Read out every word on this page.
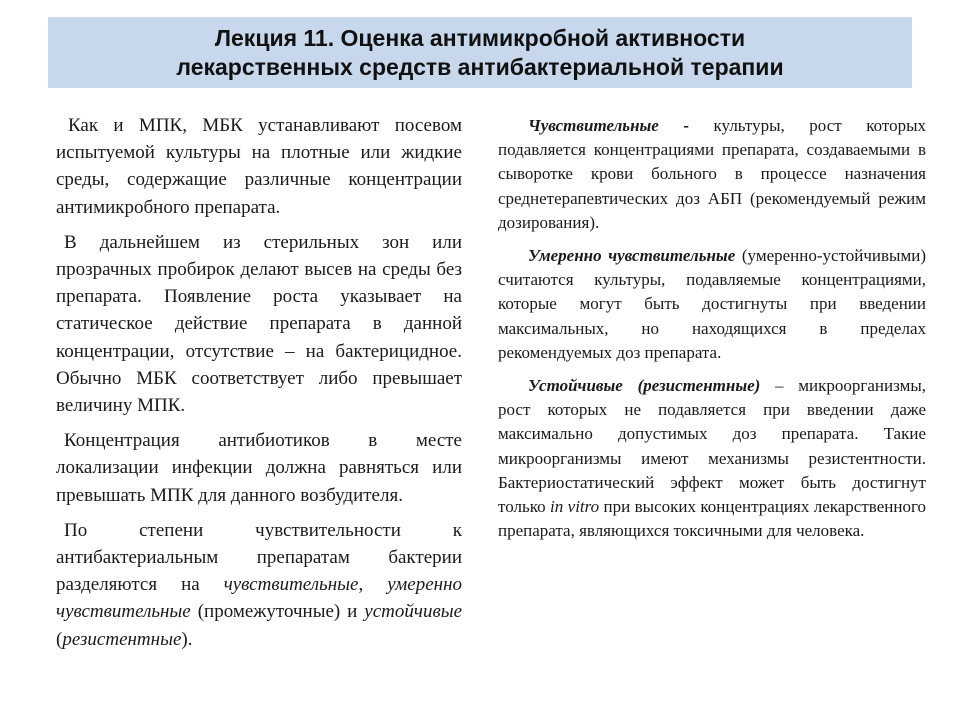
Лекция 11. Оценка антимикробной активности
лекарственных средств антибактериальной терапии

Как и МПК, МБК устанавливают посевом испытуемой культуры на плотные или жидкие среды, содержащие различные концентрации антимикробного препарата.

В дальнейшем из стерильных зон или прозрачных пробирок делают высев на среды без препарата. Появление роста указывает на статическое действие препарата в данной концентрации, отсутствие – на бактерицидное. Обычно МБК соответствует либо превышает величину МПК.

Концентрация антибиотиков в месте локализации инфекции должна равняться или превышать МПК для данного возбудителя.

По степени чувствительности к антибактериальным препаратам бактерии разделяются на чувствительные, умеренно чувствительные (промежуточные) и устойчивые (резистентные).

Чувствительные - культуры, рост которых подавляется концентрациями препарата, создаваемыми в сыворотке крови больного в процессе назначения среднетерапевтических доз АБП (рекомендуемый режим дозирования).

Умеренно чувствительные (умеренно-устойчивыми) считаются культуры, подавляемые концентрациями, которые могут быть достигнуты при введении максимальных, но находящихся в пределах рекомендуемых доз препарата.

Устойчивые (резистентные) – микроорганизмы, рост которых не подавляется при введении даже максимально допустимых доз препарата. Такие микроорганизмы имеют механизмы резистентности. Бактериостатический эффект может быть достигнут только in vitro при высоких концентрациях лекарственного препарата, являющихся токсичными для человека.
